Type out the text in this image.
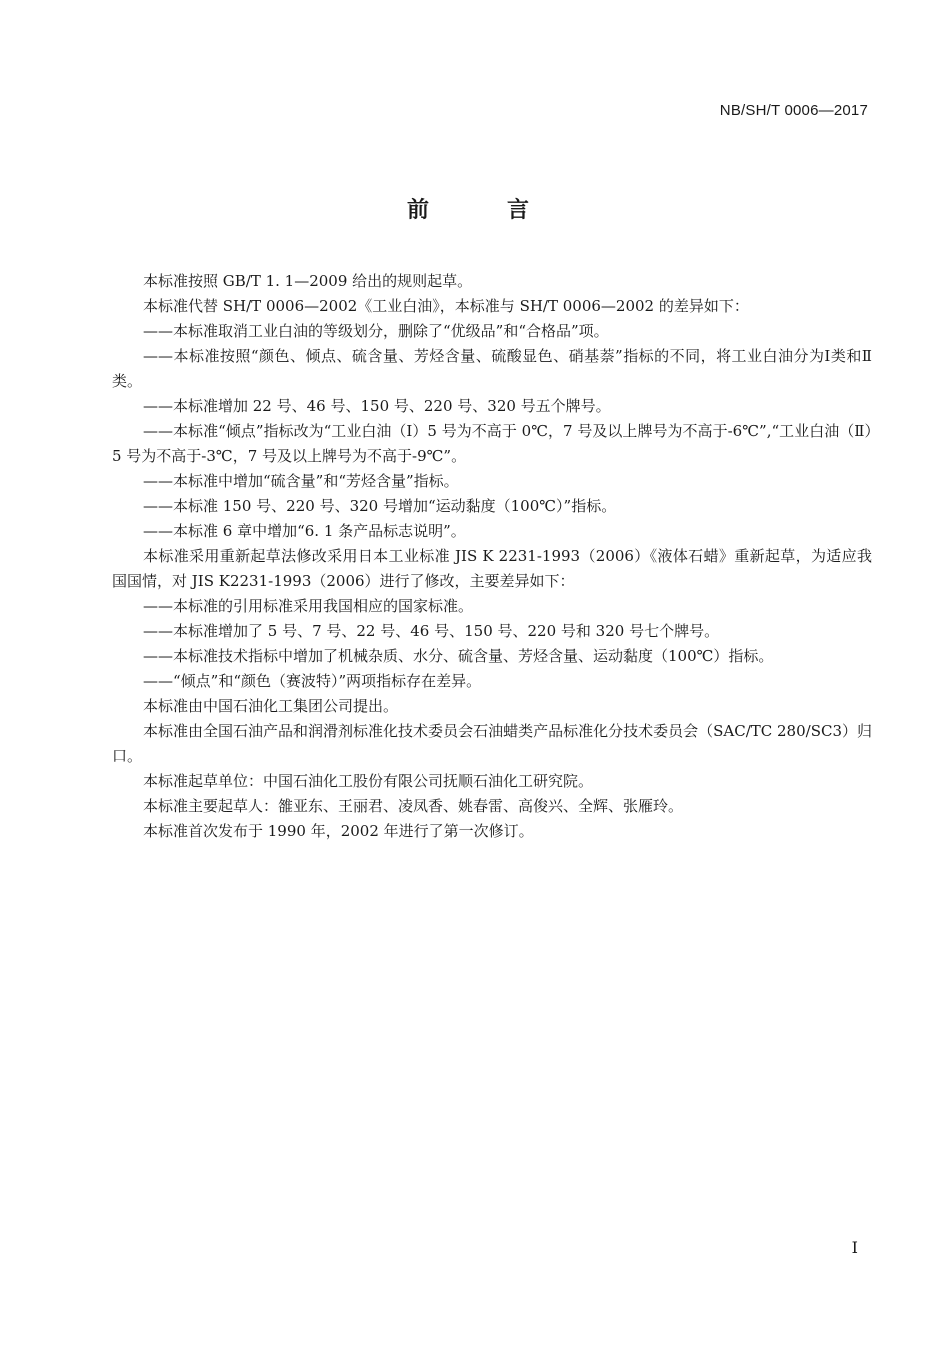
NB/SH/T 0006—2017
前　言

本标准按照 GB/T 1. 1—2009 给出的规则起草。

本标准代替 SH/T 0006—2002《工业白油》，本标准与 SH/T 0006—2002 的差异如下：

——本标准取消工业白油的等级划分，删除了“优级品”和“合格品”项。

——本标准按照“颜色、倾点、硫含量、芳烃含量、硫酸显色、硝基萘”指标的不同，将工业白油分为Ⅰ类和Ⅱ类。

——本标准增加 22 号、46 号、150 号、220 号、320 号五个牌号。

——本标准“倾点”指标改为“工业白油（Ⅰ）5 号为不高于 0℃，7 号及以上牌号为不高于-6℃”,“工业白油（Ⅱ）5 号为不高于-3℃，7 号及以上牌号为不高于-9℃”。

——本标准中增加“硫含量”和“芳烃含量”指标。

——本标准 150 号、220 号、320 号增加“运动黏度（100℃）”指标。

——本标准 6 章中增加“6. 1 条产品标志说明”。

本标准采用重新起草法修改采用日本工业标准 JIS K 2231-1993（2006）《液体石蜡》重新起草，为适应我国国情，对 JIS K2231-1993（2006）进行了修改，主要差异如下：

——本标准的引用标准采用我国相应的国家标准。

——本标准增加了 5 号、7 号、22 号、46 号、150 号、220 号和 320 号七个牌号。

——本标准技术指标中增加了机械杂质、水分、硫含量、芳烃含量、运动黏度（100℃）指标。

——“倾点”和“颜色（赛波特）”两项指标存在差异。

本标准由中国石油化工集团公司提出。

本标准由全国石油产品和润滑剂标准化技术委员会石油蜡类产品标准化分技术委员会（SAC/TC 280/SC3）归口。

本标准起草单位：中国石油化工股份有限公司抚顺石油化工研究院。

本标准主要起草人：雒亚东、王丽君、凌凤香、姚春雷、高俊兴、全辉、张雁玲。

本标准首次发布于 1990 年，2002 年进行了第一次修订。

I
